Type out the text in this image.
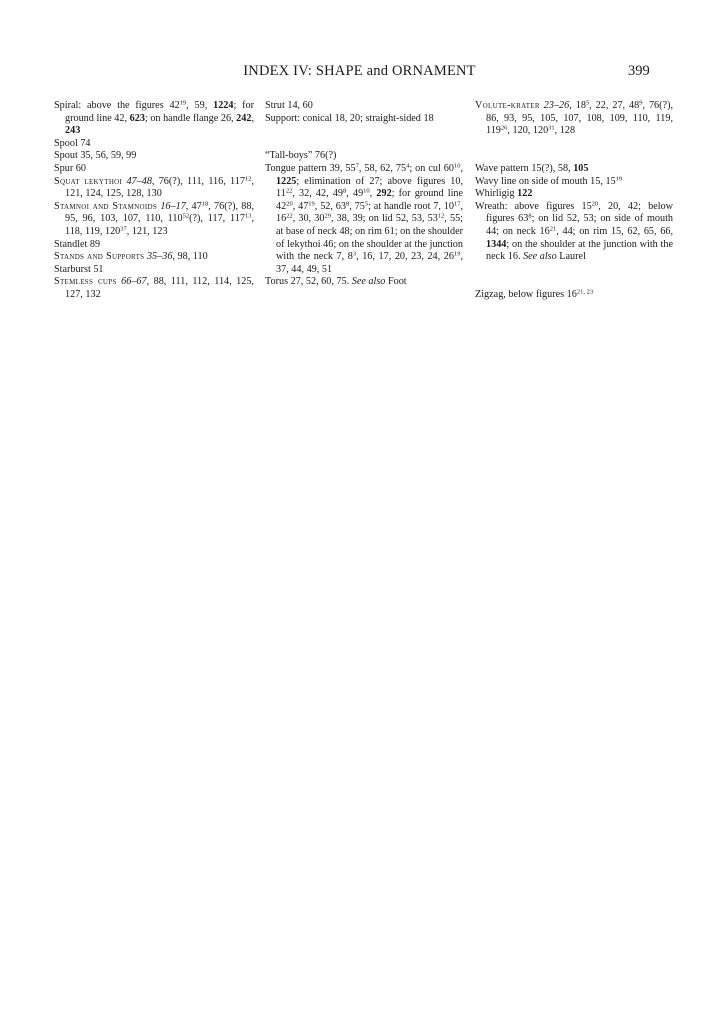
INDEX IV: SHAPE and ORNAMENT	399
Spiral: above the figures $42^{19}$, 59, 1224; for ground line 42, 623; on handle flange 26, 242, 243
Spool 74
Spout 35, 56, 59, 99
Spur 60
Squat lekythoi 47–48, 76(?), 111, 116, $117^{12}$, 121, 124, 125, 128, 130
Stamnoi and Stamnoids 16–17, $47^{18}$, 76(?), 88, 95, 96, 103, 107, 110, $110^{52}(?)$, 117, $117^{13}$, 118, 119, $120^{37}$, 121, 123
Standlet 89
Stands and Supports 35–36, 98, 110
Starburst 51
Stemless cups 66–67, 88, 111, 112, 114, 125, 127, 132
Strut 14, 60
Support: conical 18, 20; straight-sided 18
“Tall-boys” 76(?)
Tongue pattern 39, $55^7$, 58, 62, $75^4$; on cul $60^{10}$, 1225; elimination of 27; above figures 10, $11^{22}$, 32, 42, $49^8$, $49^{10}$, 292; for ground line $42^{20}$, $47^{19}$, 52, $63^8$, $75^5$; at handle root 7, $10^{17}$, $16^{22}$, 30, $30^{29}$, 38, 39; on lid 52, 53, $53^{12}$, 55; at base of neck 48; on rim 61; on the shoulder of lekythoi 46; on the shoulder at the junction with the neck 7, $8^3$, 16, 17, 20, 23, 24, $26^{19}$, 37, 44, 49, 51
Torus 27, 52, 60, 75. See also Foot
Volute-krater 23–26, $18^5$, 22, 27, $48^9$, 76(?), 86, 93, 95, 105, 107, 108, 109, 110, 119, $119^{26}$, 120, $120^{31}$, 128
Wave pattern 15(?), 58, 105
Wavy line on side of mouth 15, $15^{19}$
Whirligig 122
Wreath: above figures $15^{20}$, 20, 42; below figures $63^8$; on lid 52, 53; on side of mouth 44; on neck $16^{21}$, 44; on rim 15, 62, 65, 66, 1344; on the shoulder at the junction with the neck 16. See also Laurel
Zigzag, below figures 16$^{21, 23}$
